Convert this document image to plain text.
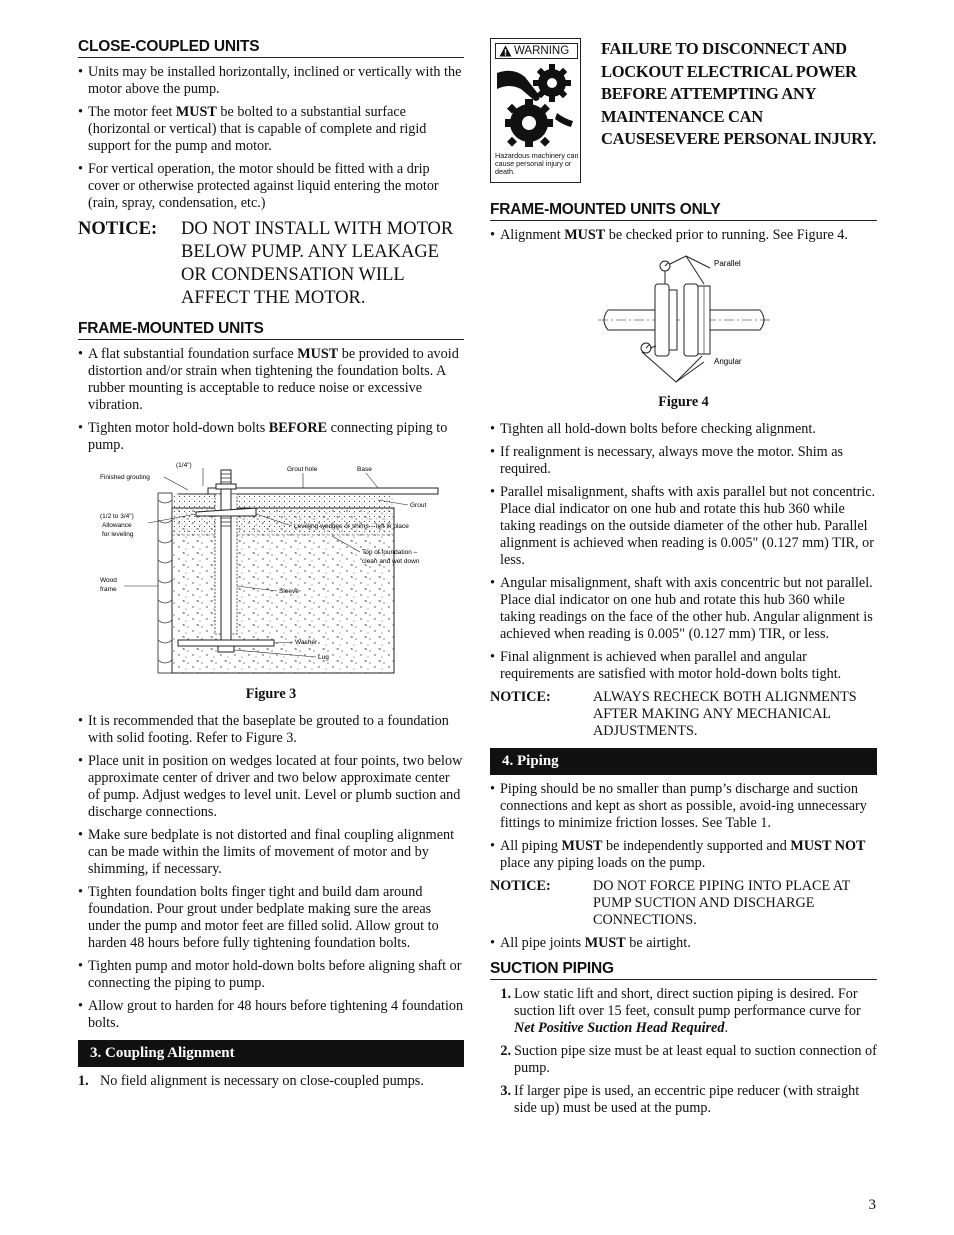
CLOSE-COUPLED UNITS
• Units may be installed horizontally, inclined or vertically with the motor above the pump.
• The motor feet MUST be bolted to a substantial surface (horizontal or vertical) that is capable of complete and rigid support for the pump and motor.
• For vertical operation, the motor should be fitted with a drip cover or otherwise protected against liquid entering the motor (rain, spray, condensation, etc.)
NOTICE:	DO NOT INSTALL WITH MOTOR BELOW PUMP. ANY LEAKAGE OR CONDENSATION WILL AFFECT THE MOTOR.
FRAME-MOUNTED UNITS
• A flat substantial foundation surface MUST be provided to avoid distortion and/or strain when tightening the foundation bolts. A rubber mounting is acceptable to reduce noise or excessive vibration.
• Tighten motor hold-down bolts BEFORE connecting piping to pump.
(1/4")
Finished grouting
Grout hole	Base
Grout
(1/2 to 3/4")
Allowance
for leveling
Leveling wedges or shims – left in place
Top of foundation –
clean and wet down
Wood
frame	Sleeve
Washer
Lug
Figure 3
• It is recommended that the baseplate be grouted to a foundation with solid footing. Refer to Figure 3.
• Place unit in position on wedges located at four points, two below approximate center of driver and two below approximate center of pump. Adjust wedges to level unit. Level or plumb suction and discharge connections.
• Make sure bedplate is not distorted and final coupling alignment can be made within the limits of movement of motor and by shimming, if necessary.
• Tighten foundation bolts finger tight and build dam around foundation. Pour grout under bedplate making sure the areas under the pump and motor feet are filled solid. Allow grout to harden 48 hours before fully tightening foundation bolts.
• Tighten pump and motor hold-down bolts before aligning shaft or connecting the piping to pump.
• Allow grout to harden for 48 hours before tightening 4 foundation bolts.
3. Coupling Alignment
1. No field alignment is necessary on close-coupled pumps.
WARNING
Hazardous machinery can cause personal injury or death.
FAILURE TO DISCONNECT AND LOCKOUT ELECTRICAL POWER BEFORE ATTEMPTING ANY MAINTENANCE CAN CAUSESEVERE PERSONAL INJURY.
FRAME-MOUNTED UNITS ONLY
• Alignment MUST be checked prior to running. See Figure 4.
Parallel
Angular
Figure 4
• Tighten all hold-down bolts before checking alignment.
• If realignment is necessary, always move the motor. Shim as required.
• Parallel misalignment, shafts with axis parallel but not concentric. Place dial indicator on one hub and rotate this hub 360 while taking readings on the outside diameter of the other hub. Parallel alignment is achieved when reading is 0.005" (0.127 mm) TIR, or less.
• Angular misalignment, shaft with axis concentric but not parallel. Place dial indicator on one hub and rotate this hub 360 while taking readings on the face of the other hub. Angular alignment is achieved when reading is 0.005" (0.127 mm) TIR, or less.
• Final alignment is achieved when parallel and angular requirements are satisfied with motor hold-down bolts tight.
NOTICE:	ALWAYS RECHECK BOTH ALIGNMENTS AFTER MAKING ANY MECHANICAL ADJUSTMENTS.
4. Piping
• Piping should be no smaller than pump’s discharge and suction connections and kept as short as possible, avoid-ing unnecessary fittings to minimize friction losses. See Table 1.
• All piping MUST be independently supported and MUST NOT place any piping loads on the pump.
NOTICE:	DO NOT FORCE PIPING INTO PLACE AT PUMP SUCTION AND DISCHARGE CONNECTIONS.
• All pipe joints MUST be airtight.
SUCTION PIPING
1. Low static lift and short, direct suction piping is desired. For suction lift over 15 feet, consult pump performance curve for Net Positive Suction Head Required.
2. Suction pipe size must be at least equal to suction connection of pump.
3. If larger pipe is used, an eccentric pipe reducer (with straight side up) must be used at the pump.
3
